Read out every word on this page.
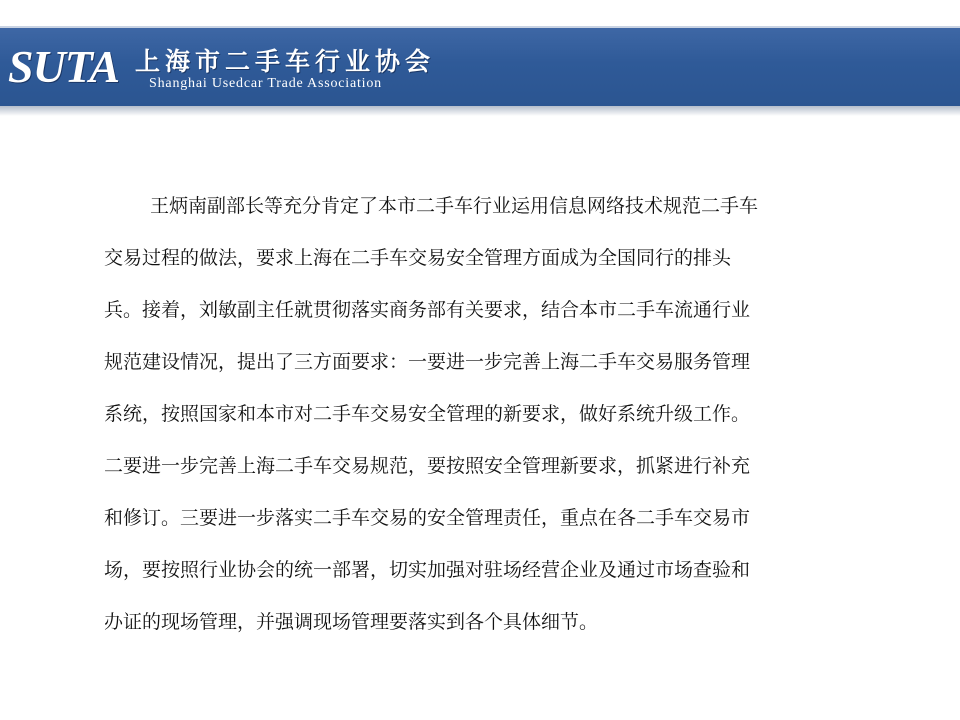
SUTA 上海市二手车行业协会
Shanghai Usedcar Trade Association
王炳南副部长等充分肯定了本市二手车行业运用信息网络技术规范二手车
交易过程的做法，要求上海在二手车交易安全管理方面成为全国同行的排头
兵。接着，刘敏副主任就贯彻落实商务部有关要求，结合本市二手车流通行业
规范建设情况，提出了三方面要求：一要进一步完善上海二手车交易服务管理
系统，按照国家和本市对二手车交易安全管理的新要求，做好系统升级工作。
二要进一步完善上海二手车交易规范，要按照安全管理新要求，抓紧进行补充
和修订。三要进一步落实二手车交易的安全管理责任，重点在各二手车交易市
场，要按照行业协会的统一部署，切实加强对驻场经营企业及通过市场查验和
办证的现场管理，并强调现场管理要落实到各个具体细节。
